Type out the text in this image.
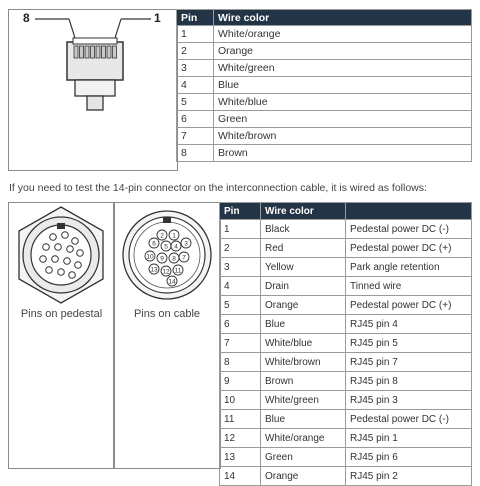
8	1 Pin	Wire color
1	White/orange
2	Orange
3	White/green
4	Blue
5	White/blue
6	Green
7	White/brown
8	Brown
If you need to test the 14-pin connector on the interconnection cable, it is wired as follows:
Pins on pedestal
1
2
3
4
5
6
7
8
9
10
11
12
13
14
Pins on cable
Pin	Wire color	
1	Black	Pedestal power DC (-)
2	Red	Pedestal power DC (+)
3	Yellow	Park angle retention
4	Drain	Tinned wire
5	Orange	Pedestal power DC (+)
6	Blue	RJ45 pin 4
7	White/blue	RJ45 pin 5
8	White/brown	RJ45 pin 7
9	Brown	RJ45 pin 8
10	White/green	RJ45 pin 3
11	Blue	Pedestal power DC (-)
12	White/orange	RJ45 pin 1
13	Green	RJ45 pin 6
14	Orange	RJ45 pin 2
